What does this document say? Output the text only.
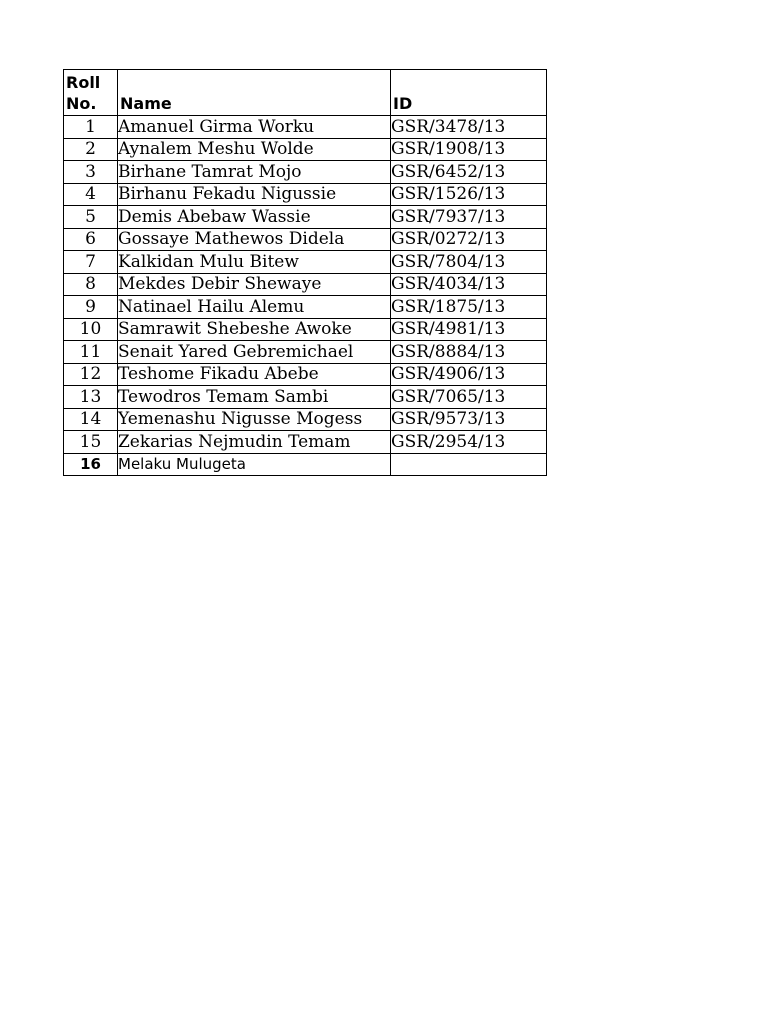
Roll
No.	Name	ID
1	Amanuel Girma Worku	GSR/3478/13
2	Aynalem Meshu Wolde	GSR/1908/13
3	Birhane Tamrat Mojo	GSR/6452/13
4	Birhanu Fekadu Nigussie	GSR/1526/13
5	Demis Abebaw Wassie	GSR/7937/13
6	Gossaye Mathewos Didela	GSR/0272/13
7	Kalkidan Mulu Bitew	GSR/7804/13
8	Mekdes Debir Shewaye	GSR/4034/13
9	Natinael Hailu Alemu	GSR/1875/13
10	Samrawit Shebeshe Awoke	GSR/4981/13
11	Senait Yared Gebremichael	GSR/8884/13
12	Teshome Fikadu Abebe	GSR/4906/13
13	Tewodros Temam Sambi	GSR/7065/13
14	Yemenashu Nigusse Mogess	GSR/9573/13
15	Zekarias Nejmudin Temam	GSR/2954/13
16	Melaku Mulugeta	
